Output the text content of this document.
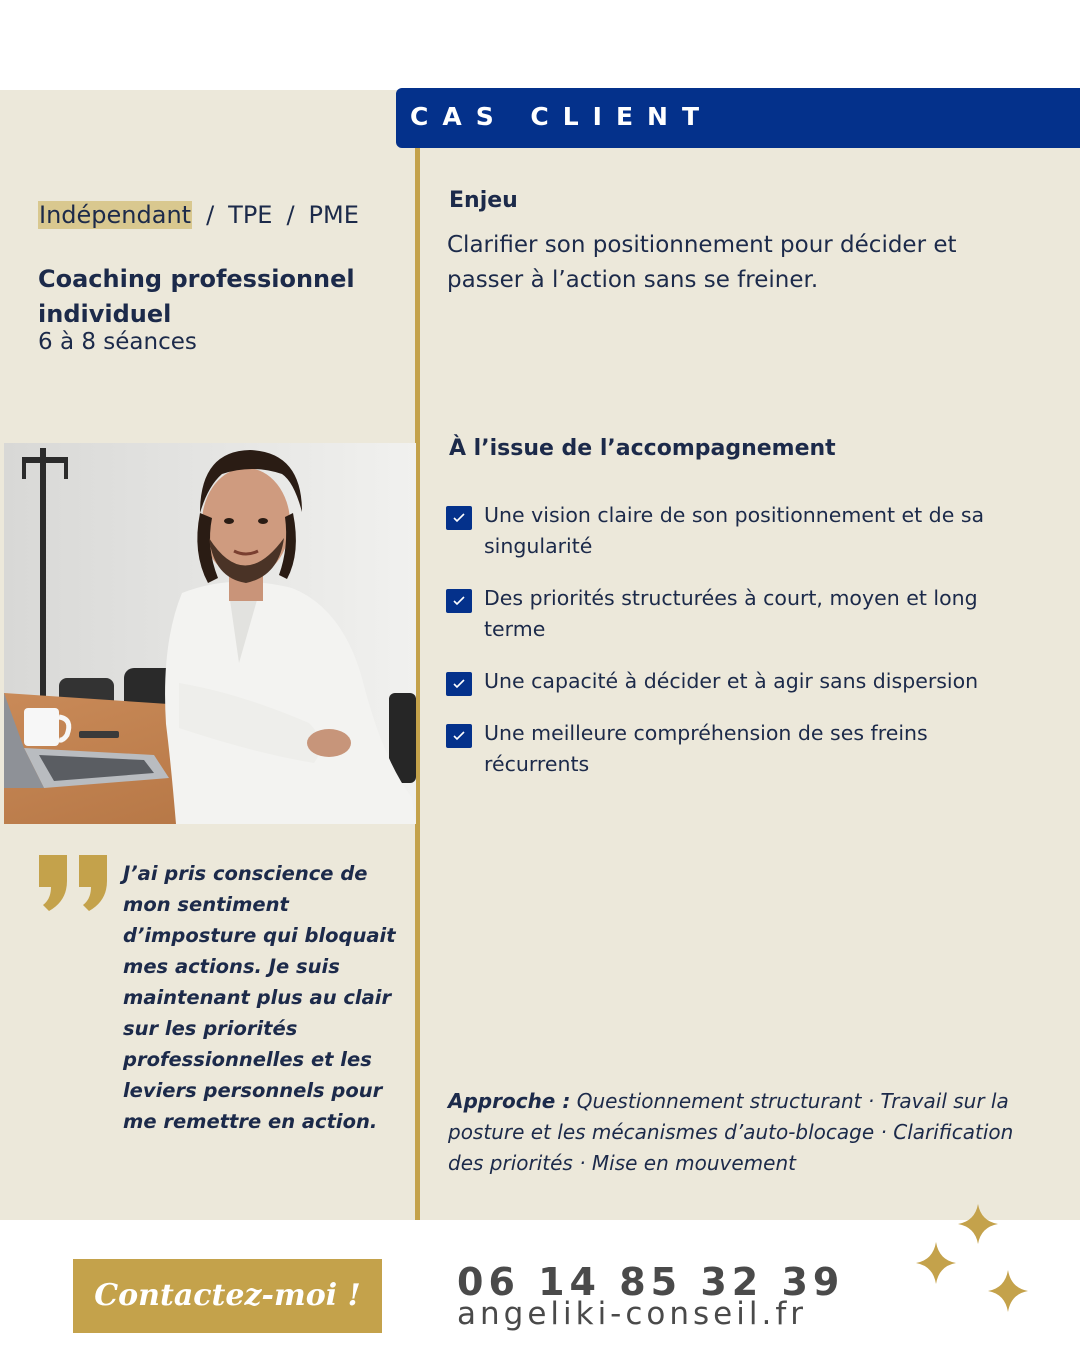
CAS CLIENT
Indépendant / TPE / PME
Coaching professionnel individuel
6 à 8 séances
J’ai pris conscience de mon sentiment d’imposture qui bloquait mes actions. Je suis maintenant plus au clair sur les priorités professionnelles et les leviers personnels pour me remettre en action.
Enjeu
Clarifier son positionnement pour décider et passer à l’action sans se freiner.
À l’issue de l’accompagnement
Une vision claire de son positionnement et de sa singularité
Des priorités structurées à court, moyen et long terme
Une capacité à décider et à agir sans dispersion
Une meilleure compréhension de ses freins récurrents
Approche : Questionnement structurant · Travail sur la posture et les mécanismes d’auto-blocage · Clarification des priorités · Mise en mouvement
Contactez-moi !	06 14 85 32 39
angeliki-conseil.fr
